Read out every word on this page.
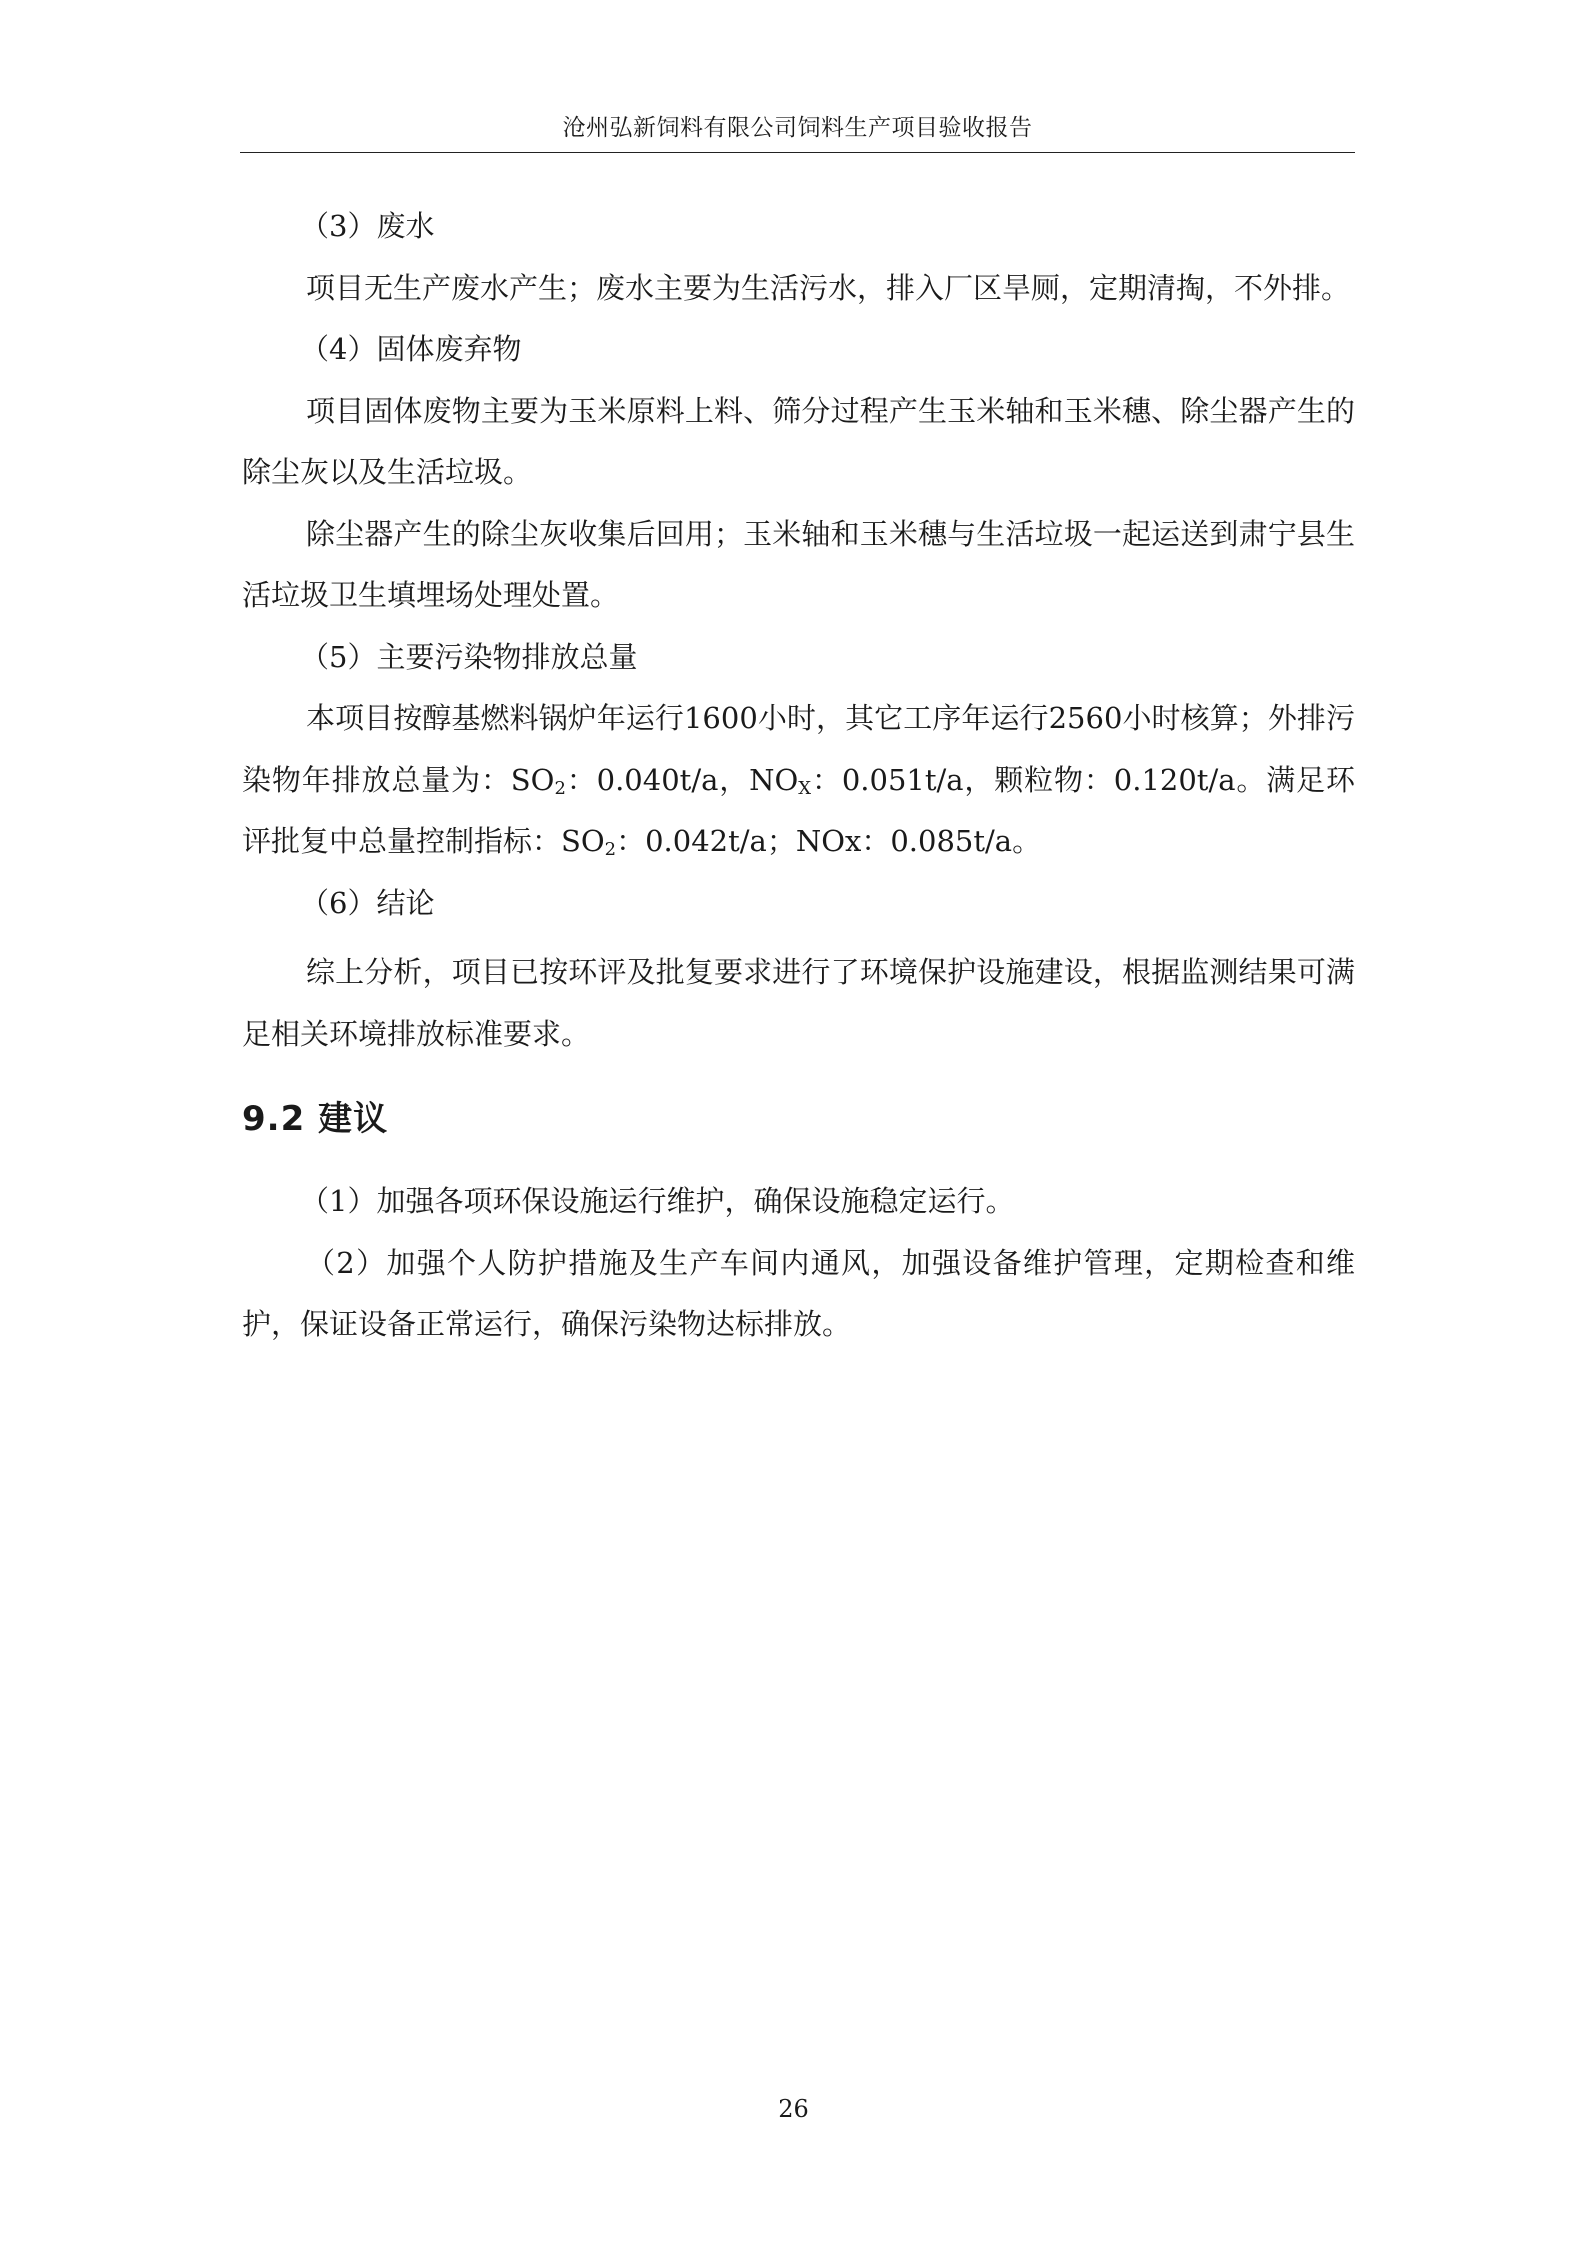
沧州弘新饲料有限公司饲料生产项目验收报告

（3）废水

项目无生产废水产生；废水主要为生活污水，排入厂区旱厕，定期清掏，不外排。

（4）固体废弃物

项目固体废物主要为玉米原料上料、筛分过程产生玉米轴和玉米穗、除尘器产生的除尘灰以及生活垃圾。

除尘器产生的除尘灰收集后回用；玉米轴和玉米穗与生活垃圾一起运送到肃宁县生活垃圾卫生填埋场处理处置。

（5）主要污染物排放总量

本项目按醇基燃料锅炉年运行1600小时，其它工序年运行2560小时核算；外排污染物年排放总量为：$SO_2$：0.040t/a，$NO_X$：0.051t/a，颗粒物：0.120t/a。满足环评批复中总量控制指标：$SO_2$：0.042t/a；NOx：0.085t/a。

（6）结论

综上分析，项目已按环评及批复要求进行了环境保护设施建设，根据监测结果可满足相关环境排放标准要求。

9.2 建议

（1）加强各项环保设施运行维护，确保设施稳定运行。

（2）加强个人防护措施及生产车间内通风，加强设备维护管理，定期检查和维护，保证设备正常运行，确保污染物达标排放。

26
